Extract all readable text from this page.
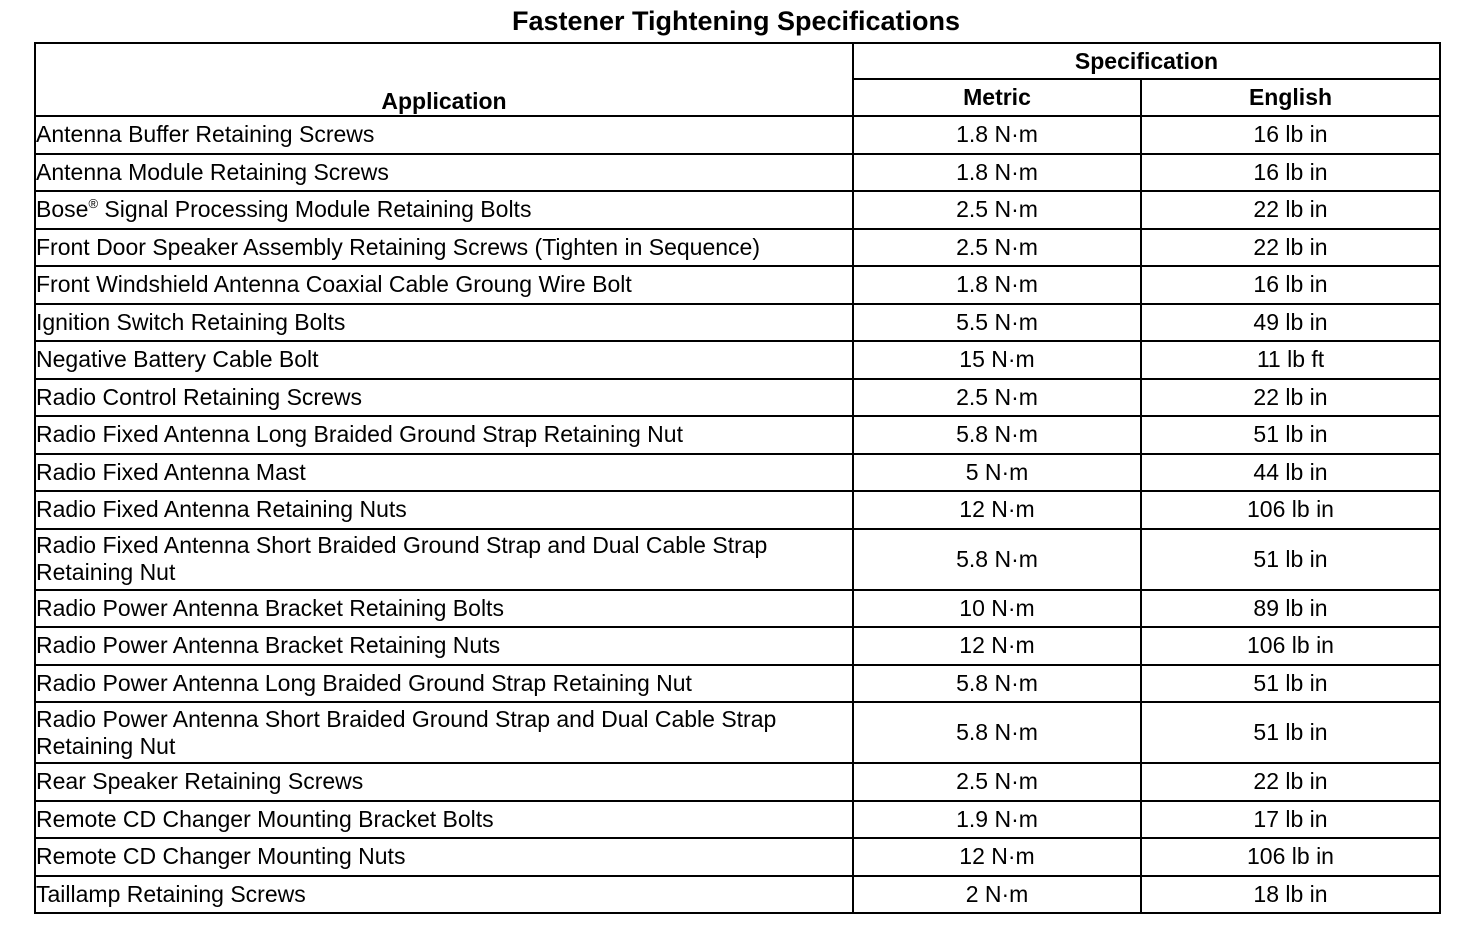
Fastener Tightening Specifications
Application	Specification	
	Metric	English
Antenna Buffer Retaining Screws	1.8 N·m	16 lb in
Antenna Module Retaining Screws	1.8 N·m	16 lb in
Bose® Signal Processing Module Retaining Bolts	2.5 N·m	22 lb in
Front Door Speaker Assembly Retaining Screws (Tighten in Sequence)	2.5 N·m	22 lb in
Front Windshield Antenna Coaxial Cable Groung Wire Bolt	1.8 N·m	16 lb in
Ignition Switch Retaining Bolts	5.5 N·m	49 lb in
Negative Battery Cable Bolt	15 N·m	11 lb ft
Radio Control Retaining Screws	2.5 N·m	22 lb in
Radio Fixed Antenna Long Braided Ground Strap Retaining Nut	5.8 N·m	51 lb in
Radio Fixed Antenna Mast	5 N·m	44 lb in
Radio Fixed Antenna Retaining Nuts	12 N·m	106 lb in
Radio Fixed Antenna Short Braided Ground Strap and Dual Cable Strap Retaining Nut	5.8 N·m	51 lb in
Radio Power Antenna Bracket Retaining Bolts	10 N·m	89 lb in
Radio Power Antenna Bracket Retaining Nuts	12 N·m	106 lb in
Radio Power Antenna Long Braided Ground Strap Retaining Nut	5.8 N·m	51 lb in
Radio Power Antenna Short Braided Ground Strap and Dual Cable Strap Retaining Nut	5.8 N·m	51 lb in
Rear Speaker Retaining Screws	2.5 N·m	22 lb in
Remote CD Changer Mounting Bracket Bolts	1.9 N·m	17 lb in
Remote CD Changer Mounting Nuts	12 N·m	106 lb in
Taillamp Retaining Screws	2 N·m	18 lb in
